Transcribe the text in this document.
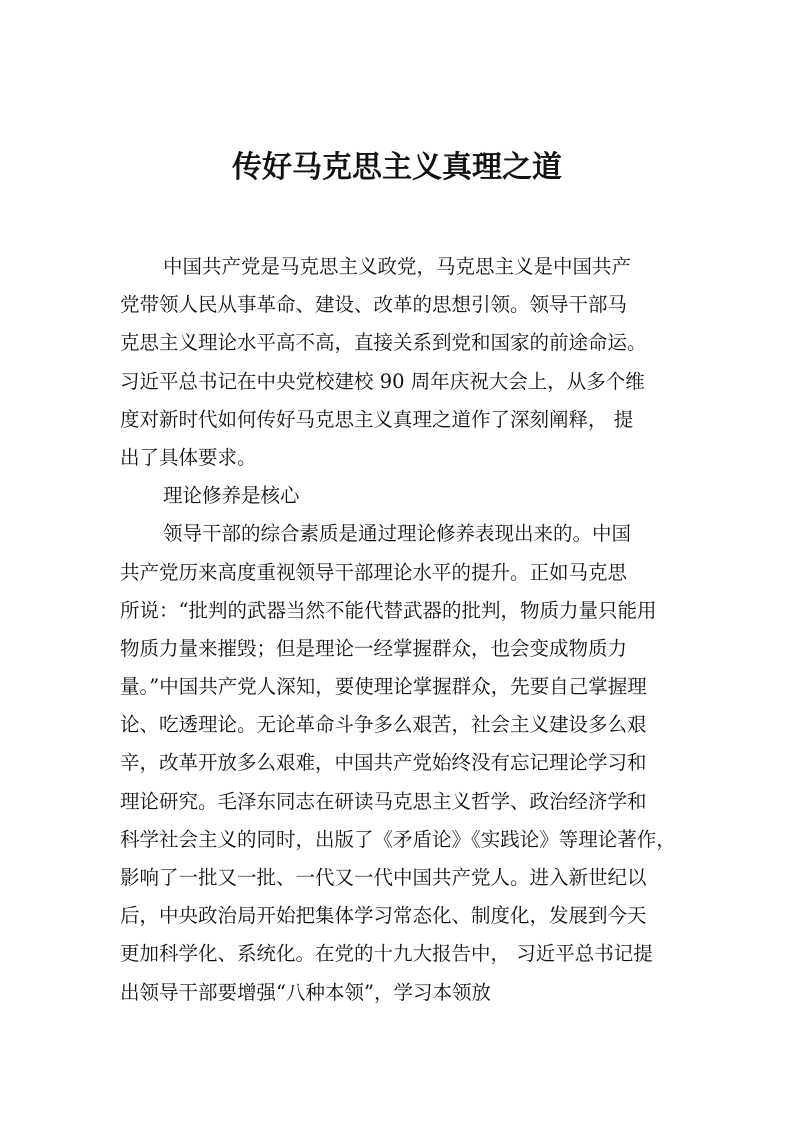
传好马克思主义真理之道
中国共产党是马克思主义政党，马克思主义是中国共产
党带领人民从事革命、建设、改革的思想引领。领导干部马
克思主义理论水平高不高，直接关系到党和国家的前途命运。
习近平总书记在中央党校建校 90 周年庆祝大会上，从多个维
度对新时代如何传好马克思主义真理之道作了深刻阐释， 提
出了具体要求。
理论修养是核心
领导干部的综合素质是通过理论修养表现出来的。中国
共产党历来高度重视领导干部理论水平的提升。正如马克思
所说：“批判的武器当然不能代替武器的批判，物质力量只能用
物质力量来摧毁；但是理论一经掌握群众，也会变成物质力
量。”中国共产党人深知，要使理论掌握群众，先要自己掌握理
论、吃透理论。无论革命斗争多么艰苦，社会主义建设多么艰
辛，改革开放多么艰难，中国共产党始终没有忘记理论学习和
理论研究。毛泽东同志在研读马克思主义哲学、政治经济学和
科学社会主义的同时，出版了《矛盾论》《实践论》等理论著作，
影响了一批又一批、一代又一代中国共产党人。进入新世纪以
后，中央政治局开始把集体学习常态化、制度化，发展到今天
更加科学化、系统化。在党的十九大报告中， 习近平总书记提
出领导干部要增强“八种本领”，学习本领放
